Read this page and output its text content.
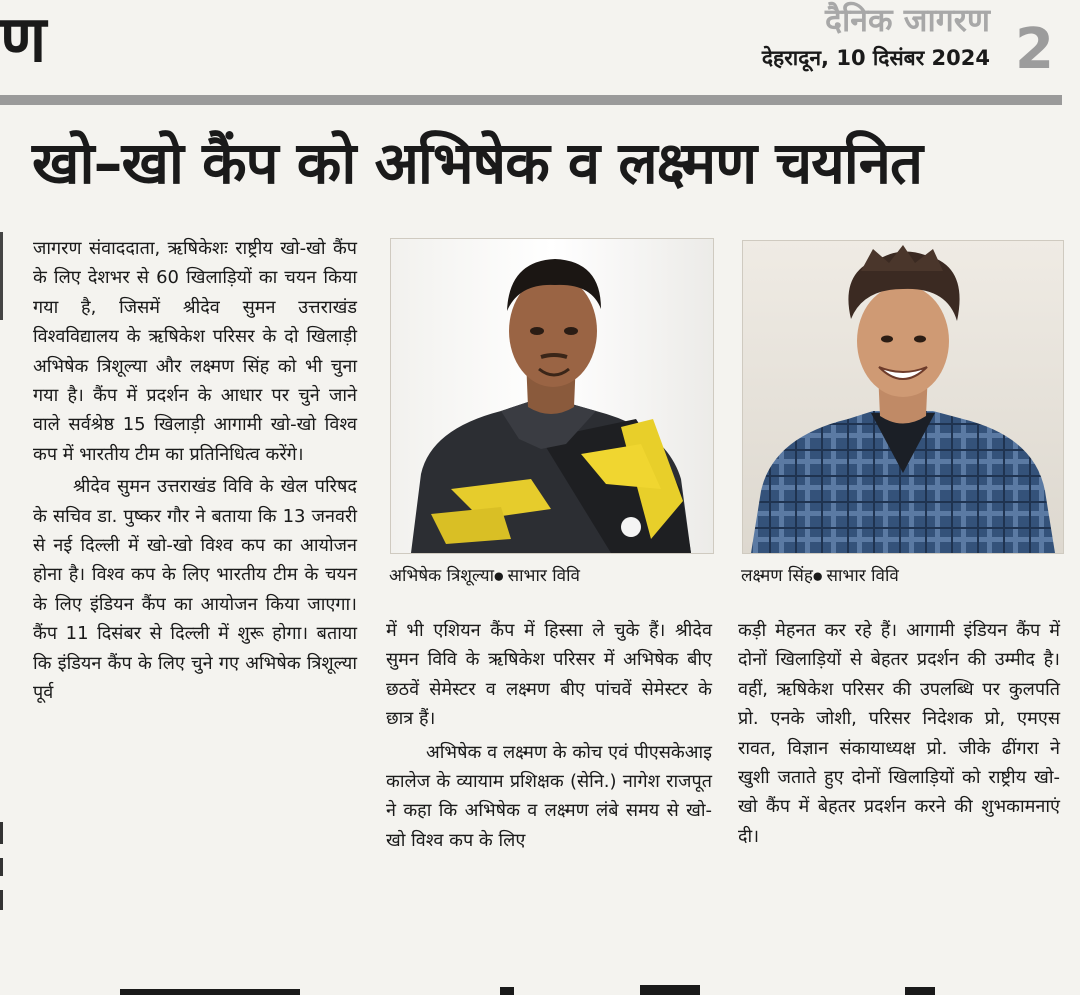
ण	दैनिक जागरण
देहरादून, 10 दिसंबर 2024 2
खो–खो कैंप को अभिषेक व लक्ष्मण चयनित

जागरण संवाददाता, ऋषिकेशः राष्ट्रीय खो-खो कैंप के लिए देशभर से 60 खिलाड़ियों का चयन किया गया है, जिसमें श्रीदेव सुमन उत्तराखंड विश्वविद्यालय के ऋषिकेश परिसर के दो खिलाड़ी अभिषेक त्रिशूल्या और लक्ष्मण सिंह को भी चुना गया है। कैंप में प्रदर्शन के आधार पर चुने जाने वाले सर्वश्रेष्ठ 15 खिलाड़ी आगामी खो-खो विश्व कप में भारतीय टीम का प्रतिनिधित्व करेंगे।

श्रीदेव सुमन उत्तराखंड विवि के खेल परिषद के सचिव डा. पुष्कर गौर ने बताया कि 13 जनवरी से नई दिल्ली में खो-खो विश्व कप का आयोजन होना है। विश्व कप के लिए भारतीय टीम के चयन के लिए इंडियन कैंप का आयोजन किया जाएगा। कैंप 11 दिसंबर से दिल्ली में शुरू होगा। बताया कि इंडियन कैंप के लिए चुने गए अभिषेक त्रिशूल्या पूर्व

अभिषेक त्रिशूल्या● साभार विवि	लक्ष्मण सिंह● साभार विवि

में भी एशियन कैंप में हिस्सा ले चुके हैं। श्रीदेव सुमन विवि के ऋषिकेश परिसर में अभिषेक बीए छठवें सेमेस्टर व लक्ष्मण बीए पांचवें सेमेस्टर के छात्र हैं।

अभिषेक व लक्ष्मण के कोच एवं पीएसकेआइ कालेज के व्यायाम प्रशिक्षक (सेनि.) नागेश राजपूत ने कहा कि अभिषेक व लक्ष्मण लंबे समय से खो-खो विश्व कप के लिए

कड़ी मेहनत कर रहे हैं। आगामी इंडियन कैंप में दोनों खिलाड़ियों से बेहतर प्रदर्शन की उम्मीद है। वहीं, ऋषिकेश परिसर की उपलब्धि पर कुलपति प्रो. एनके जोशी, परिसर निदेशक प्रो, एमएस रावत, विज्ञान संकायाध्यक्ष प्रो. जीके ढींगरा ने खुशी जताते हुए दोनों खिलाड़ियों को राष्ट्रीय खो-खो कैंप में बेहतर प्रदर्शन करने की शुभकामनाएं दी।
